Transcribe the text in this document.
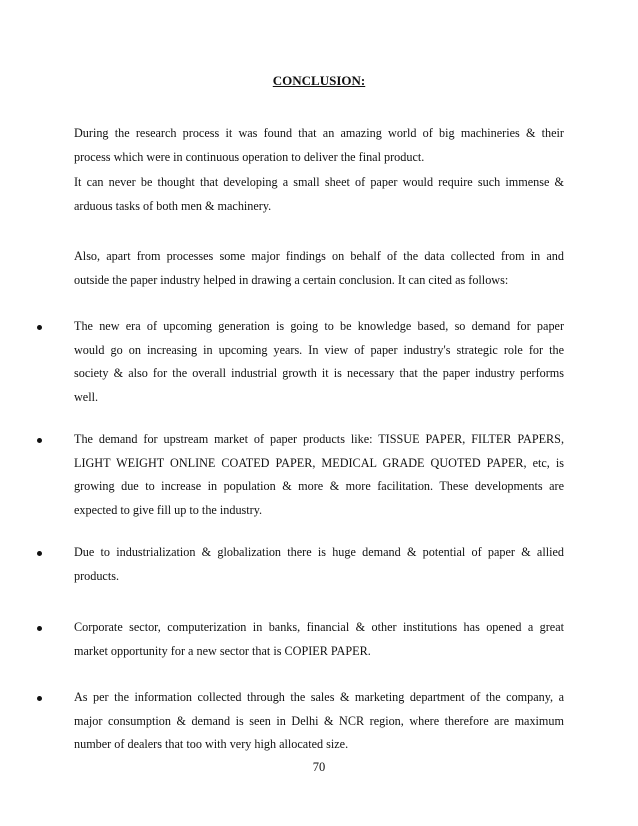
CONCLUSION:
During the research process it was found that an amazing world of big machineries & their
process which were in continuous operation to deliver the final product.
It can never be thought that developing a small sheet of paper would require such immense &
arduous tasks of both men & machinery.
Also, apart from processes some major findings on behalf of the data collected from in and
outside the paper industry helped in drawing a certain conclusion. It can cited as follows:
The new era of upcoming generation is going to be knowledge based, so demand for paper
would go on increasing in upcoming years. In view of paper industry's strategic role for the
society & also for the overall industrial growth it is necessary that the paper industry performs
well.
The demand for upstream market of paper products like: TISSUE PAPER, FILTER PAPERS,
LIGHT WEIGHT ONLINE COATED PAPER, MEDICAL GRADE QUOTED PAPER, etc, is
growing due to increase in population & more & more facilitation. These developments are
expected to give fill up to the industry.
Due to industrialization & globalization there is huge demand & potential of paper & allied
products.
Corporate sector, computerization in banks, financial & other institutions has opened a great
market opportunity for a new sector that is COPIER PAPER.
As per the information collected through the sales & marketing department of the company, a
major consumption & demand is seen in Delhi & NCR region, where therefore are maximum
number of dealers that too with very high allocated size.
70
